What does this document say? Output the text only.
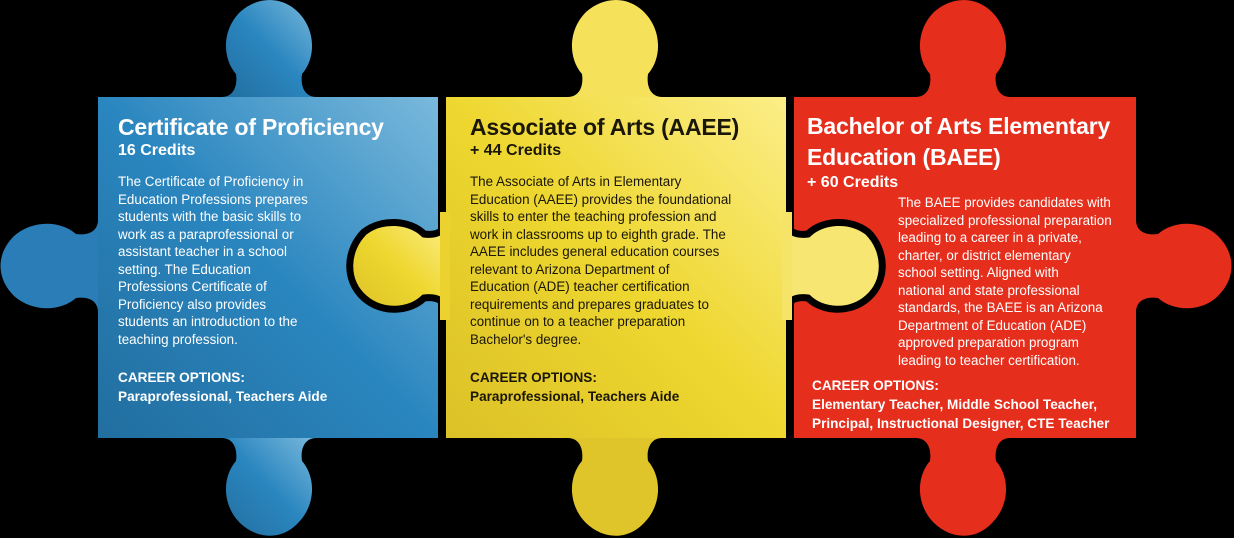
Certificate of Proficiency

16 Credits

The Certificate of Proficiency in
Education Professions prepares
students with the basic skills to
work as a paraprofessional or
assistant teacher in a school
setting. The Education
Professions Certificate of
Proficiency also provides
students an introduction to the
teaching profession.

CAREER OPTIONS:

Paraprofessional, Teachers Aide

Associate of Arts (AAEE)

+ 44 Credits

The Associate of Arts in Elementary
Education (AAEE) provides the foundational
skills to enter the teaching profession and
work in classrooms up to eighth grade. The
AAEE includes general education courses
relevant to Arizona Department of
Education (ADE) teacher certification
requirements and prepares graduates to
continue on to a teacher preparation
Bachelor's degree.

CAREER OPTIONS:

Paraprofessional, Teachers Aide

Bachelor of Arts Elementary
Education (BAEE)

+ 60 Credits

The BAEE provides candidates with
specialized professional preparation
leading to a career in a private,
charter, or district elementary
school setting. Aligned with
national and state professional
standards, the BAEE is an Arizona
Department of Education (ADE)
approved preparation program
leading to teacher certification.

CAREER OPTIONS:

Elementary Teacher, Middle School Teacher,

Principal, Instructional Designer, CTE Teacher
